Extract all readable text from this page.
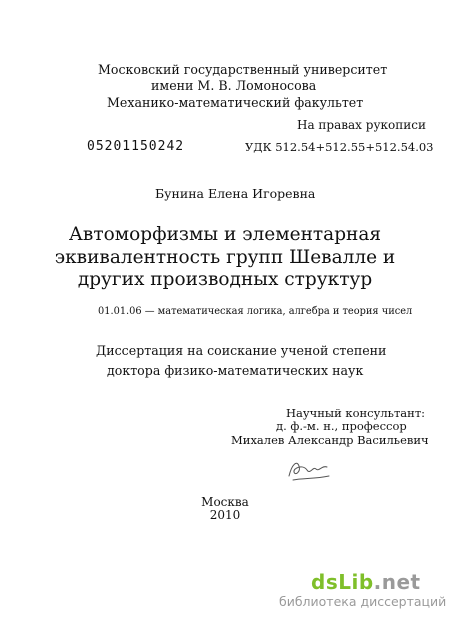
Московский государственный университет
имени М. В. Ломоносова
Механико-математический факультет
На правах рукописи
05201150242	УДК 512.54+512.55+512.54.03
Бунина Елена Игоревна
Автоморфизмы и элементарная
эквивалентность групп Шевалле и
других производных структур
01.01.06 — математическая логика, алгебра и теория чисел
Диссертация на соискание ученой степени
доктора физико-математических наук
Научный консультант:
д. ф.-м. н., профессор
Михалев Александр Васильевич
Москва
2010
dsLib.net
библиотека диссертаций
